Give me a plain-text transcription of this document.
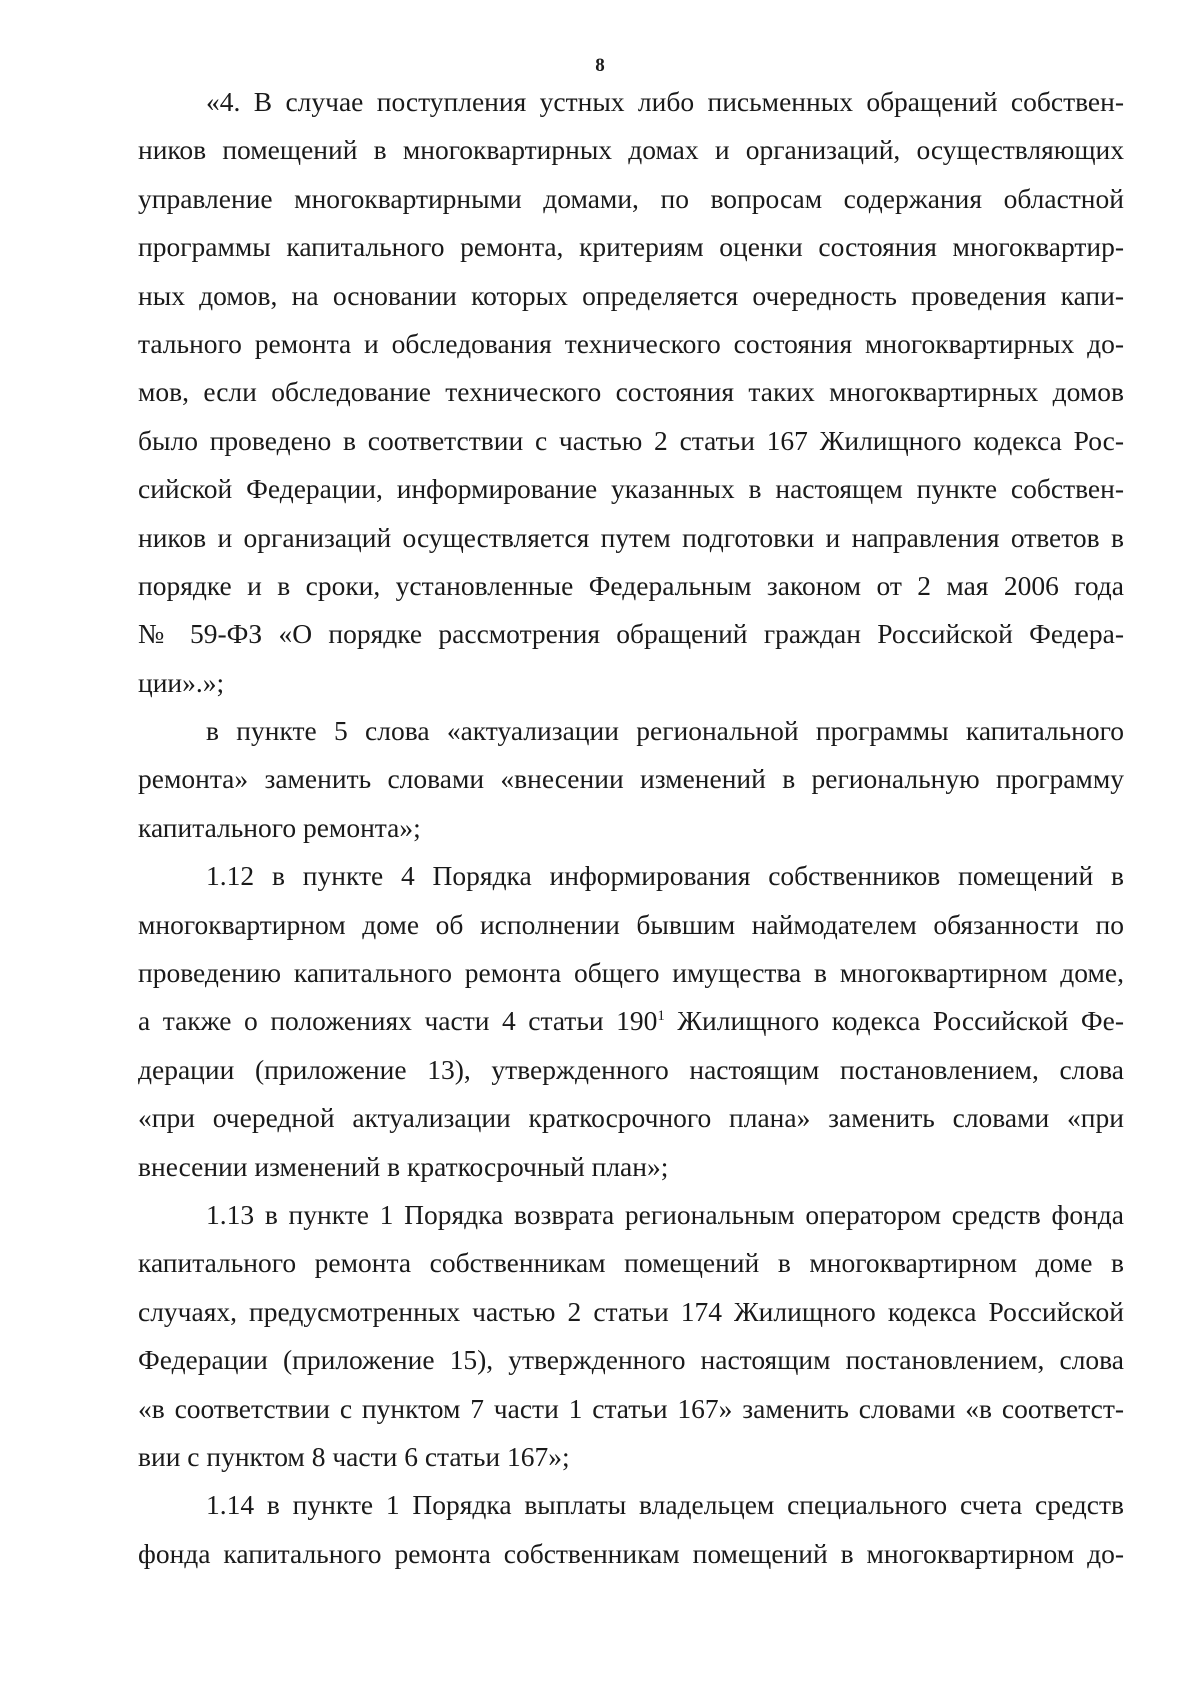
8
«4. В случае поступления устных либо письменных обращений собствен-
ников помещений в многоквартирных домах и организаций, осуществляющих
управление многоквартирными домами, по вопросам содержания областной
программы капитального ремонта, критериям оценки состояния многоквартир-
ных домов, на основании которых определяется очередность проведения капи-
тального ремонта и обследования технического состояния многоквартирных до-
мов, если обследование технического состояния таких многоквартирных домов
было проведено в соответствии с частью 2 статьи 167 Жилищного кодекса Рос-
сийской Федерации, информирование указанных в настоящем пункте собствен-
ников и организаций осуществляется путем подготовки и направления ответов в
порядке и в сроки, установленные Федеральным законом от 2 мая 2006 года
№ 59-ФЗ «О порядке рассмотрения обращений граждан Российской Федера-
ции».»;
в пункте 5 слова «актуализации региональной программы капитального
ремонта» заменить словами «внесении изменений в региональную программу
капитального ремонта»;
1.12 в пункте 4 Порядка информирования собственников помещений в
многоквартирном доме об исполнении бывшим наймодателем обязанности по
проведению капитального ремонта общего имущества в многоквартирном доме,
а также о положениях части 4 статьи $190^1$ Жилищного кодекса Российской Фе-
дерации (приложение 13), утвержденного настоящим постановлением, слова
«при очередной актуализации краткосрочного плана» заменить словами «при
внесении изменений в краткосрочный план»;
1.13 в пункте 1 Порядка возврата региональным оператором средств фонда
капитального ремонта собственникам помещений в многоквартирном доме в
случаях, предусмотренных частью 2 статьи 174 Жилищного кодекса Российской
Федерации (приложение 15), утвержденного настоящим постановлением, слова
«в соответствии с пунктом 7 части 1 статьи 167» заменить словами «в соответст-
вии с пунктом 8 части 6 статьи 167»;
1.14 в пункте 1 Порядка выплаты владельцем специального счета средств
фонда капитального ремонта собственникам помещений в многоквартирном до-
